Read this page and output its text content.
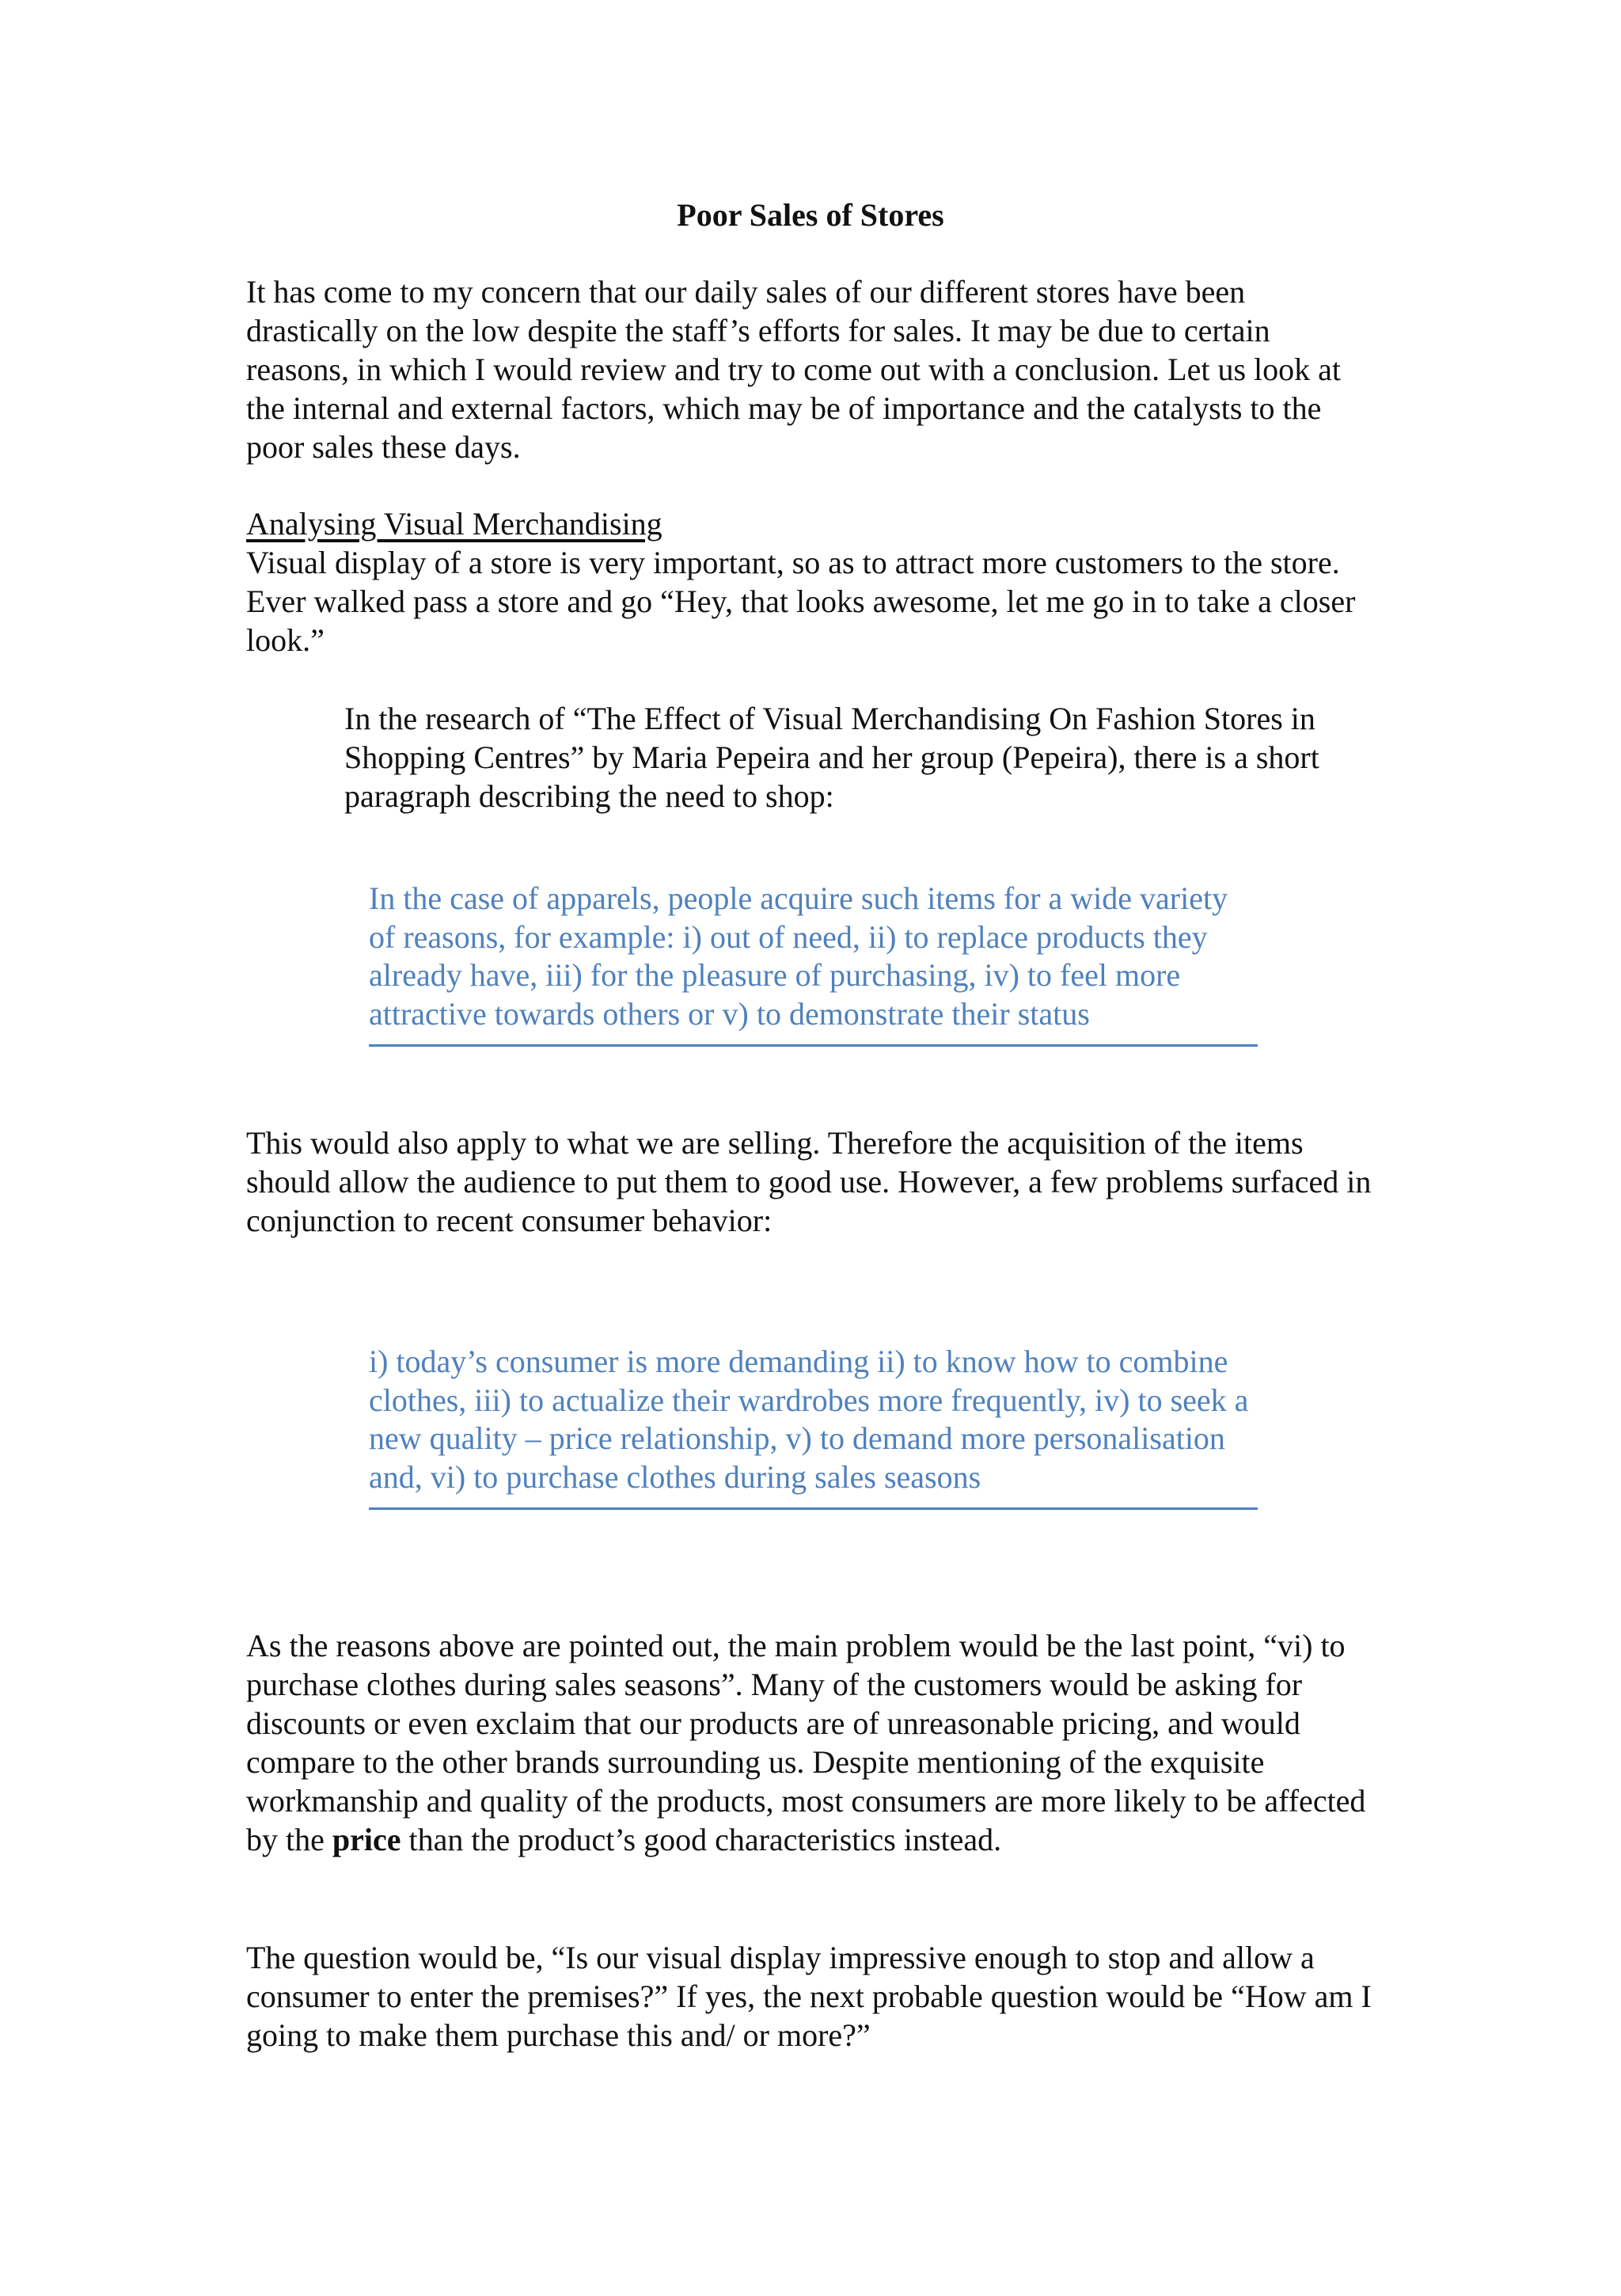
Poor Sales of Stores

It has come to my concern that our daily sales of our different stores have been drastically on the low despite the staff’s efforts for sales. It may be due to certain reasons, in which I would review and try to come out with a conclusion. Let us look at the internal and external factors, which may be of importance and the catalysts to the poor sales these days.

Analysing Visual Merchandising
Visual display of a store is very important, so as to attract more customers to the store. Ever walked pass a store and go “Hey, that looks awesome, let me go in to take a closer look.”

In the research of “The Effect of Visual Merchandising On Fashion Stores in Shopping Centres” by Maria Pepeira and her group (Pepeira), there is a short paragraph describing the need to shop:

In the case of apparels, people acquire such items for a wide variety of reasons, for example: i) out of need, ii) to replace products they already have, iii) for the pleasure of purchasing, iv) to feel more attractive towards others or v) to demonstrate their status

This would also apply to what we are selling. Therefore the acquisition of the items should allow the audience to put them to good use. However, a few problems surfaced in conjunction to recent consumer behavior:

i) today’s consumer is more demanding ii) to know how to combine clothes, iii) to actualize their wardrobes more frequently, iv) to seek a new quality – price relationship, v) to demand more personalisation and, vi) to purchase clothes during sales seasons

As the reasons above are pointed out, the main problem would be the last point, “vi) to purchase clothes during sales seasons”. Many of the customers would be asking for discounts or even exclaim that our products are of unreasonable pricing, and would compare to the other brands surrounding us. Despite mentioning of the exquisite workmanship and quality of the products, most consumers are more likely to be affected by the price than the product’s good characteristics instead.

The question would be, “Is our visual display impressive enough to stop and allow a consumer to enter the premises?” If yes, the next probable question would be “How am I going to make them purchase this and/ or more?”
